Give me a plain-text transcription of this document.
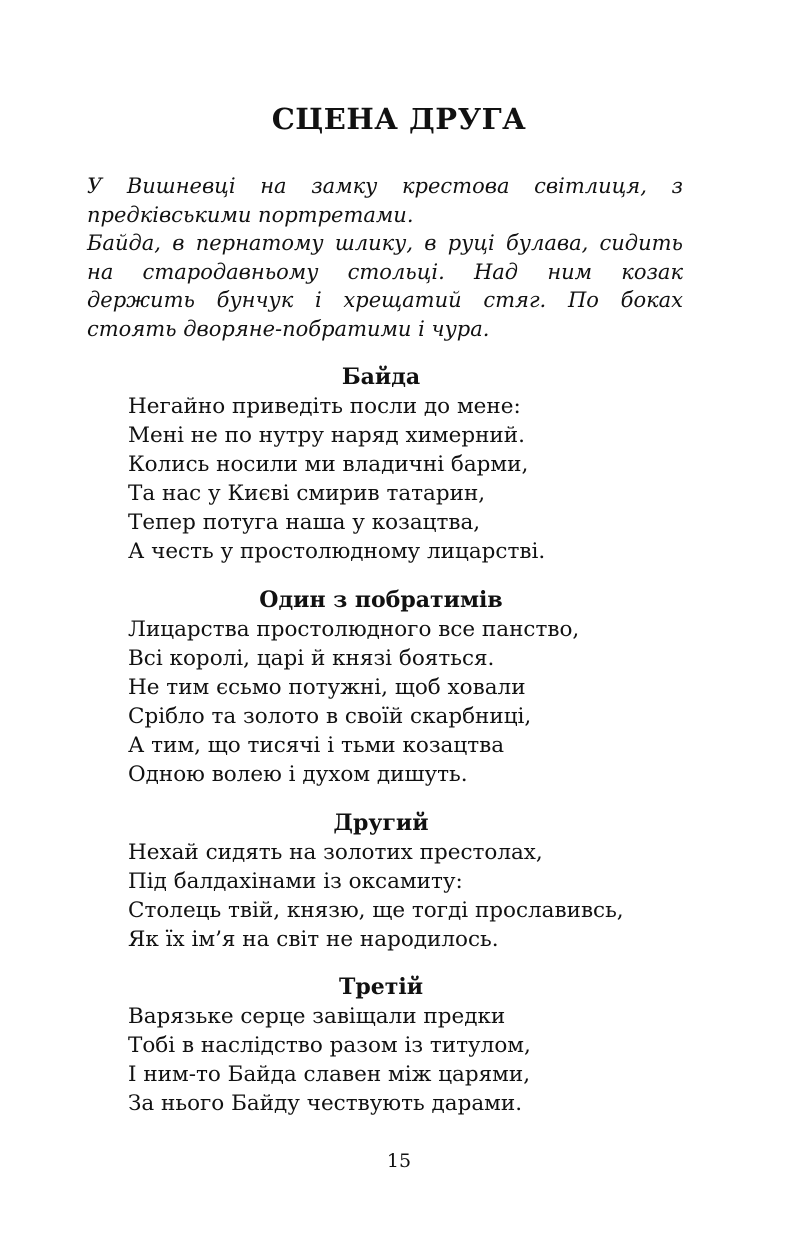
СЦЕНА ДРУГА

У Вишневці на замку крестова світлиця, з предківськими портретами.

Байда, в пернатому шлику, в руці булава, сидить на стародавньому стольці. Над ним козак держить бунчук і хрещатий стяг. По боках стоять дворяне-побратими і чура.

Байда
Негайно приведіть посли до мене:
Мені не по нутру наряд химерний.
Колись носили ми владичні барми,
Та нас у Києві смирив татарин,
Тепер потуга наша у козацтва,
А честь у простолюдному лицарстві.
Один з побратимів
Лицарства простолюдного все панство,
Всі королі, царі й князі бояться.
Не тим єсьмо потужні, щоб ховали
Срібло та золото в своїй скарбниці,
А тим, що тисячі і тьми козацтва
Одною волею і духом дишуть.
Другий
Нехай сидять на золотих престолах,
Під балдахінами із оксамиту:
Столець твій, князю, ще тогді прославивсь,
Як їх ім’я на світ не народилось.
Третій
Варязьке серце завіщали предки
Тобі в наслідство разом із титулом,
І ним-то Байда славен між царями,
За нього Байду чествують дарами.
15
